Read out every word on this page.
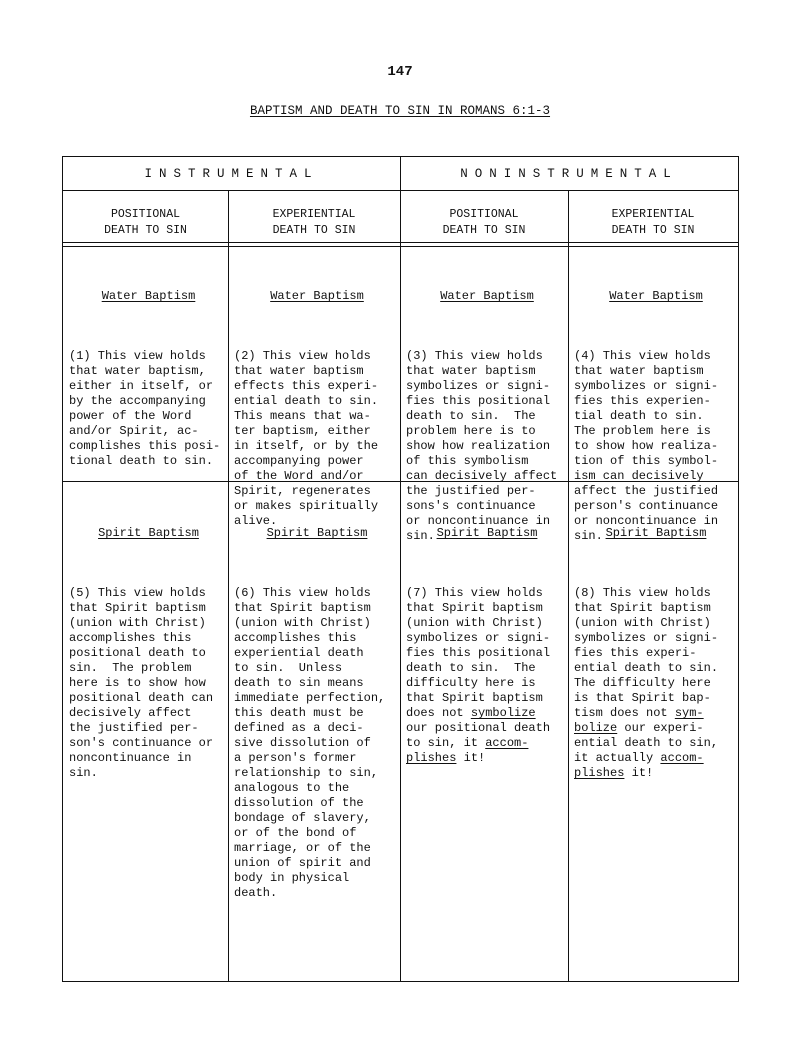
147
BAPTISM AND DEATH TO SIN IN ROMANS 6:1-3
INSTRUMENTAL	NONINSTRUMENTAL
POSITIONAL
DEATH TO SIN
EXPERIENTIAL
DEATH TO SIN
POSITIONAL
DEATH TO SIN
EXPERIENTIAL
DEATH TO SIN

Water Baptism

(1) This view holds
that water baptism,
either in itself, or
by the accompanying
power of the Word
and/or Spirit, ac-
complishes this posi-
tional death to sin.

Water Baptism

(2) This view holds
that water baptism
effects this experi-
ential death to sin.
This means that wa-
ter baptism, either
in itself, or by the
accompanying power
of the Word and/or
Spirit, regenerates
or makes spiritually
alive.

Water Baptism

(3) This view holds
that water baptism
symbolizes or signi-
fies this positional
death to sin.  The
problem here is to
show how realization
of this symbolism
can decisively affect
the justified per-
sons's continuance
or noncontinuance in
sin.

Water Baptism

(4) This view holds
that water baptism
symbolizes or signi-
fies this experien-
tial death to sin.
The problem here is
to show how realiza-
tion of this symbol-
ism can decisively
affect the justified
person's continuance
or noncontinuance in
sin.

Spirit Baptism

(5) This view holds
that Spirit baptism
(union with Christ)
accomplishes this
positional death to
sin.  The problem
here is to show how
positional death can
decisively affect
the justified per-
son's continuance or
noncontinuance in
sin.

Spirit Baptism

(6) This view holds
that Spirit baptism
(union with Christ)
accomplishes this
experiential death
to sin.  Unless
death to sin means
immediate perfection,
this death must be
defined as a deci-
sive dissolution of
a person's former
relationship to sin,
analogous to the
dissolution of the
bondage of slavery,
or of the bond of
marriage, or of the
union of spirit and
body in physical
death.

Spirit Baptism

(7) This view holds
that Spirit baptism
(union with Christ)
symbolizes or signi-
fies this positional
death to sin.  The
difficulty here is
that Spirit baptism
does not symbolize
our positional death
to sin, it accom-
plishes it!

Spirit Baptism

(8) This view holds
that Spirit baptism
(union with Christ)
symbolizes or signi-
fies this experi-
ential death to sin.
The difficulty here
is that Spirit bap-
tism does not sym-
bolize our experi-
ential death to sin,
it actually accom-
plishes it!
